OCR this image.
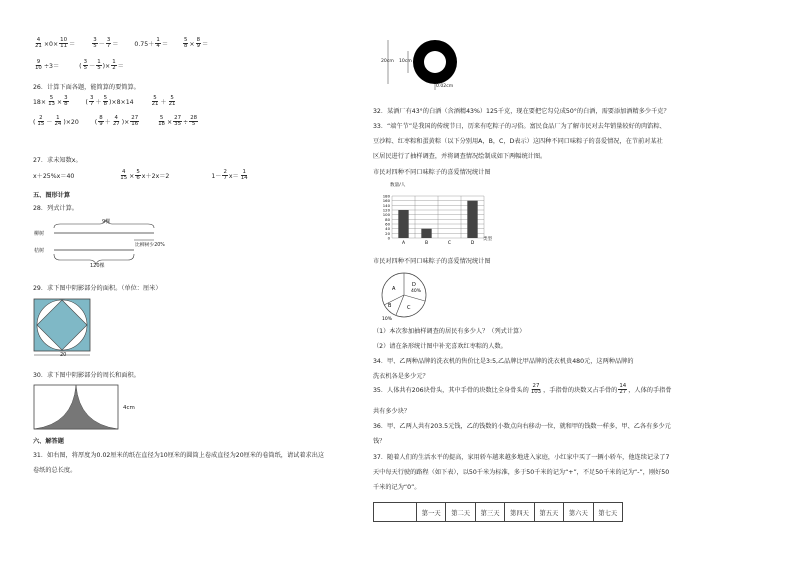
$\frac{4}{21} \times 0\times \frac{10}{11}$ ＝	$\frac{3}{5} - \frac{3}{7}$ ＝	$0.75+ \frac{1}{4}$ ＝	$\frac{5}{8} \times \frac{8}{9}$ ＝
$\frac{9}{10} \div 3=$	( $\frac{3}{5} - \frac{1}{5}$ )× $\frac{1}{2}$ ＝
26．计算下面各题，能简算的要简算。
$18\times \frac{5}{13} \times \frac{3}{8}$	( $\frac{3}{7} + \frac{5}{8} )\times 8\times 14$	$\frac{5}{21} + \frac{5}{21}$
( $\frac{2}{15} - \frac{1}{24} )\times 20$	( $\frac{8}{9} + \frac{4}{27}$ )× $\frac{27}{16}$
	$\frac{5}{18} \times \frac{27}{35} \div \frac{28}{5}$
27．求未知数x。
x＋25%x＝40	$\frac{4}{15} \times \frac{5}{6} x+2x=2$	$1- \frac{2}{7} x= \frac{1}{14}$
五、图形计算
28．列式计算。
9棵
柳树
桔树
比柳树少20%
120棵
29．求下图中阴影部分的面积。（单位：厘米）
20
30．求下图中阴影部分的周长和面积。
4cm
六、解答题
31．如右图，将厚度为0.02厘米的纸在直径为10厘米的圆筒上卷成直径为20厘米的卷筒纸，请试着求出这
卷纸的总长度。
20cm 10cm
0.02cm
32．某酒厂有43°的白酒（含酒精43%）125千克，现在要把它勾兑成50°的白酒，需要添加酒精多少千克？
33．“端午节”是我国的传统节日，历来有吃粽子的习俗。富民食品厂为了解市民对去年销量较好的肉馅粽、
豆沙粽、红枣粽和蛋黄粽（以下分别用A，B，C，D表示）这四种不同口味粽子的喜爱情况，在节前对某社
区居民进行了抽样调查，并将调查情况绘制成如下两幅统计图。
市民对四种不同口味粽子的喜爱情况统计图
0
20
40
60
80
100
120
140
160
180
A	B	C	D
数量/人
类型
市民对四种不同口味粽子的喜爱情况统计图
A
D
40%
C
B
10%
（1）本次参加抽样调查的居民有多少人？（列式计算）
（2）请在条形统计图中补充喜欢红枣粽的人数。
34．甲、乙两种品牌的洗衣机的售价比是3:5,乙品牌比甲品牌的洗衣机贵480元，这两种品牌的
洗衣机各是多少元？
35．人体共有206块骨头，其中手骨的块数比全身骨头的 $\frac{27}{103}$ ，手指骨的块数又占手骨的 $\frac{14}{27}$ ，人体的手指骨
共有多少块？
36．甲、乙两人共有203.5元钱，乙的钱数的小数点向右移动一位，就和甲的钱数一样多，甲、乙各有多少元
钱？
37．随着人们的生活水平的提高，家用轿车越来越多地进入家庭，小红家中买了一辆小轿车，他连续记录了7
天中每天行驶的路程（如下表），以50千米为标准，多于50千米的记为“+”，不足50千米的记为“-”，刚好50
千米的记为“0”。
	第一天	第二天	第三天	第四天	第五天	第六天	第七天
